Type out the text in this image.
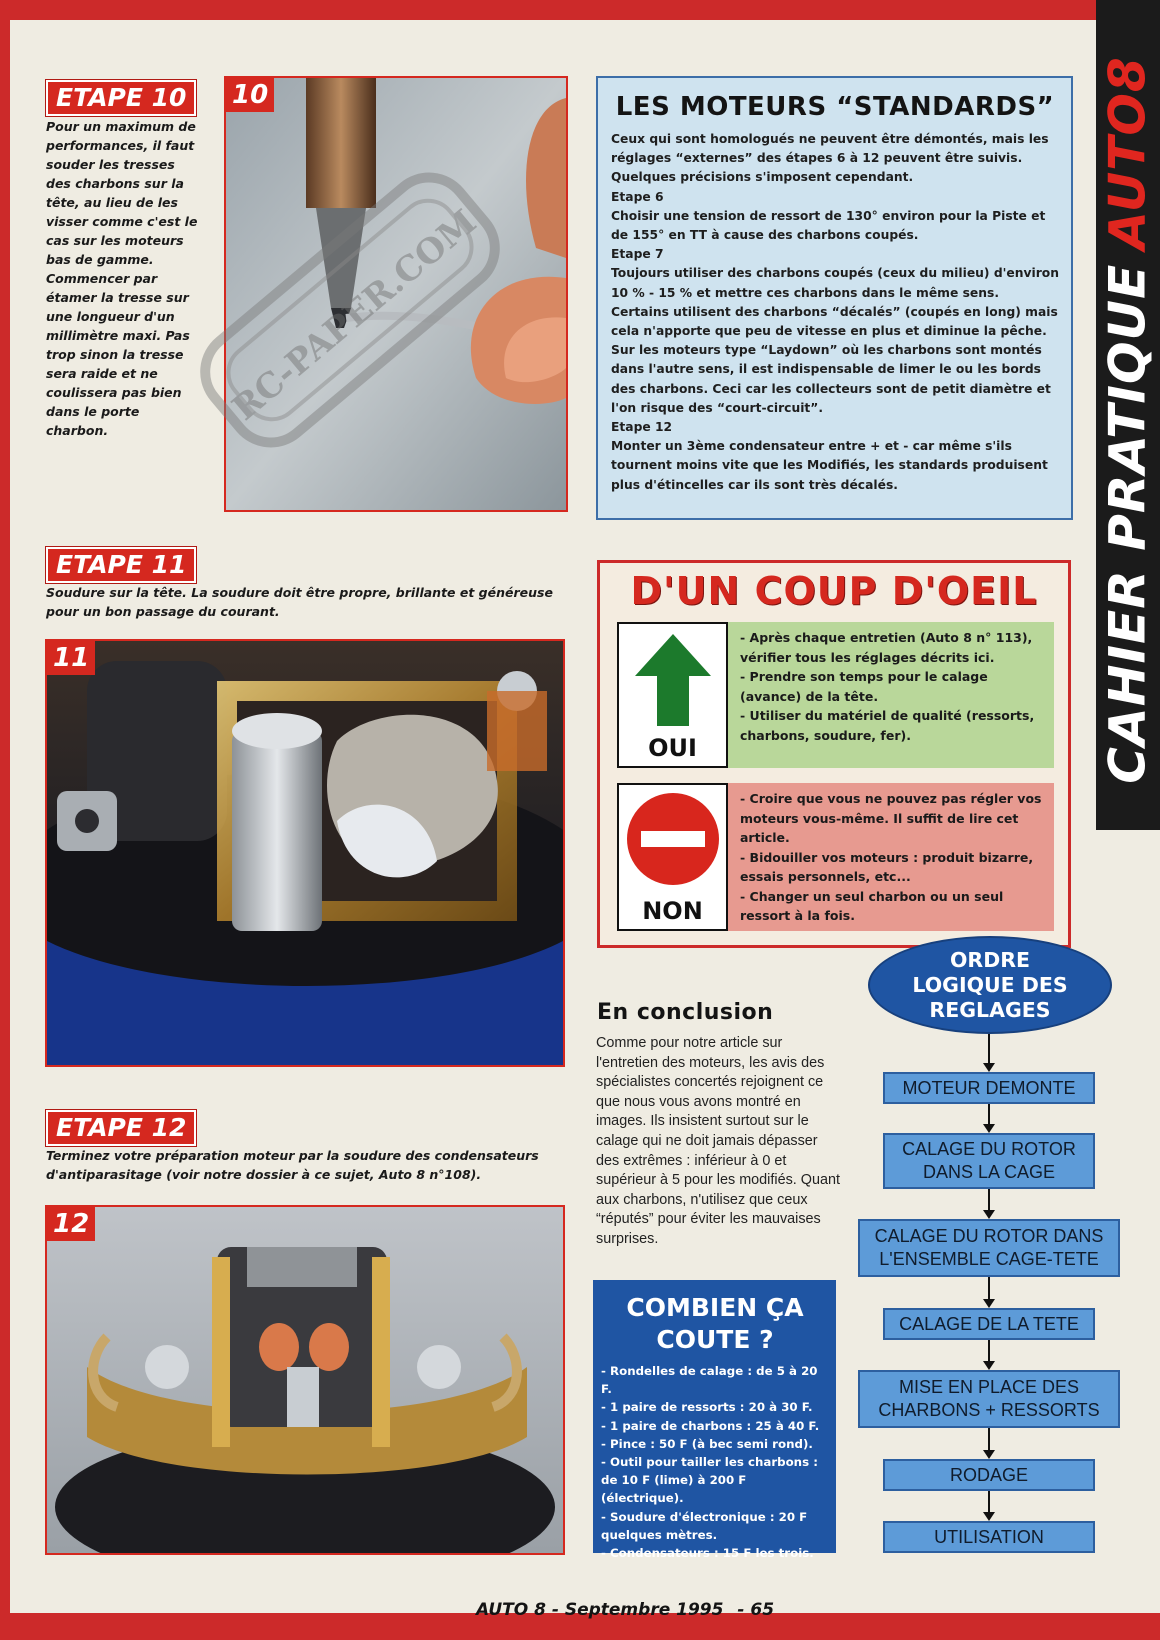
CAHIER PRATIQUEAUTO8
ETAPE 10
Pour un maximum de performances, il faut souder les tresses des charbons sur la tête, au lieu de les visser comme c'est le cas sur les moteurs bas de gamme. Commencer par étamer la tresse sur une longueur d'un millimètre maxi. Pas trop sinon la tresse sera raide et ne coulissera pas bien dans le porte charbon.
10
RC-PAPER.COM
LES MOTEURS “STANDARDS”
Ceux qui sont homologués ne peuvent être démontés, mais les réglages “externes” des étapes 6 à 12 peuvent être suivis. Quelques précisions s'imposent cependant.
Etape 6
Choisir une tension de ressort de 130° environ pour la Piste et de 155° en TT à cause des charbons coupés.
Etape 7
Toujours utiliser des charbons coupés (ceux du milieu) d'environ 10 % - 15 % et mettre ces charbons dans le même sens. Certains utilisent des charbons “décalés” (coupés en long) mais cela n'apporte que peu de vitesse en plus et diminue la pêche. Sur les moteurs type “Laydown” où les charbons sont montés dans l'autre sens, il est indispensable de limer le ou les bords des charbons. Ceci car les collecteurs sont de petit diamètre et l'on risque des “court-circuit”.
Etape 12
Monter un 3ème condensateur entre + et - car même s'ils tournent moins vite que les Modifiés, les standards produisent plus d'étincelles car ils sont très décalés.
ETAPE 11
Soudure sur la tête. La soudure doit être propre, brillante et généreuse pour un bon passage du courant.
11
D'UN COUP D'OEIL
OUI
- Après chaque entretien (Auto 8 n° 113), vérifier tous les réglages décrits ici.
- Prendre son temps pour le calage (avance) de la tête.
- Utiliser du matériel de qualité (ressorts, charbons, soudure, fer).
NON
- Croire que vous ne pouvez pas régler vos moteurs vous-même. Il suffit de lire cet article.
- Bidouiller vos moteurs : produit bizarre, essais personnels, etc...
- Changer un seul charbon ou un seul ressort à la fois.
ETAPE 12
Terminez votre préparation moteur par la soudure des condensateurs d'antiparasitage (voir notre dossier à ce sujet, Auto 8 n°108).
12
En conclusion
Comme pour notre article sur l'entretien des moteurs, les avis des spécialistes concertés rejoignent ce que nous vous avons montré en images. Ils insistent surtout sur le calage qui ne doit jamais dépasser des extrêmes : inférieur à 0 et supérieur à 5 pour les modifiés. Quant aux charbons, n'utilisez que ceux “réputés” pour éviter les mauvaises surprises.
COMBIEN ÇA
COUTE ?
- Rondelles de calage : de 5 à 20 F.
- 1 paire de ressorts : 20 à 30 F.
- 1 paire de charbons : 25 à 40 F.
- Pince : 50 F (à bec semi rond).
- Outil pour tailler les charbons : de 10 F (lime) à 200 F (électrique).
- Soudure d'électronique : 20 F quelques mètres.
- Condensateurs : 15 F les trois.
ORDRE
LOGIQUE DES
REGLAGES
MOTEUR DEMONTE
CALAGE DU ROTOR
DANS LA CAGE
CALAGE DU ROTOR DANS
L'ENSEMBLE CAGE-TETE
CALAGE DE LA TETE
MISE EN PLACE DES
CHARBONS + RESSORTS
RODAGE
UTILISATION
AUTO 8 - Septembre 1995 - 65
